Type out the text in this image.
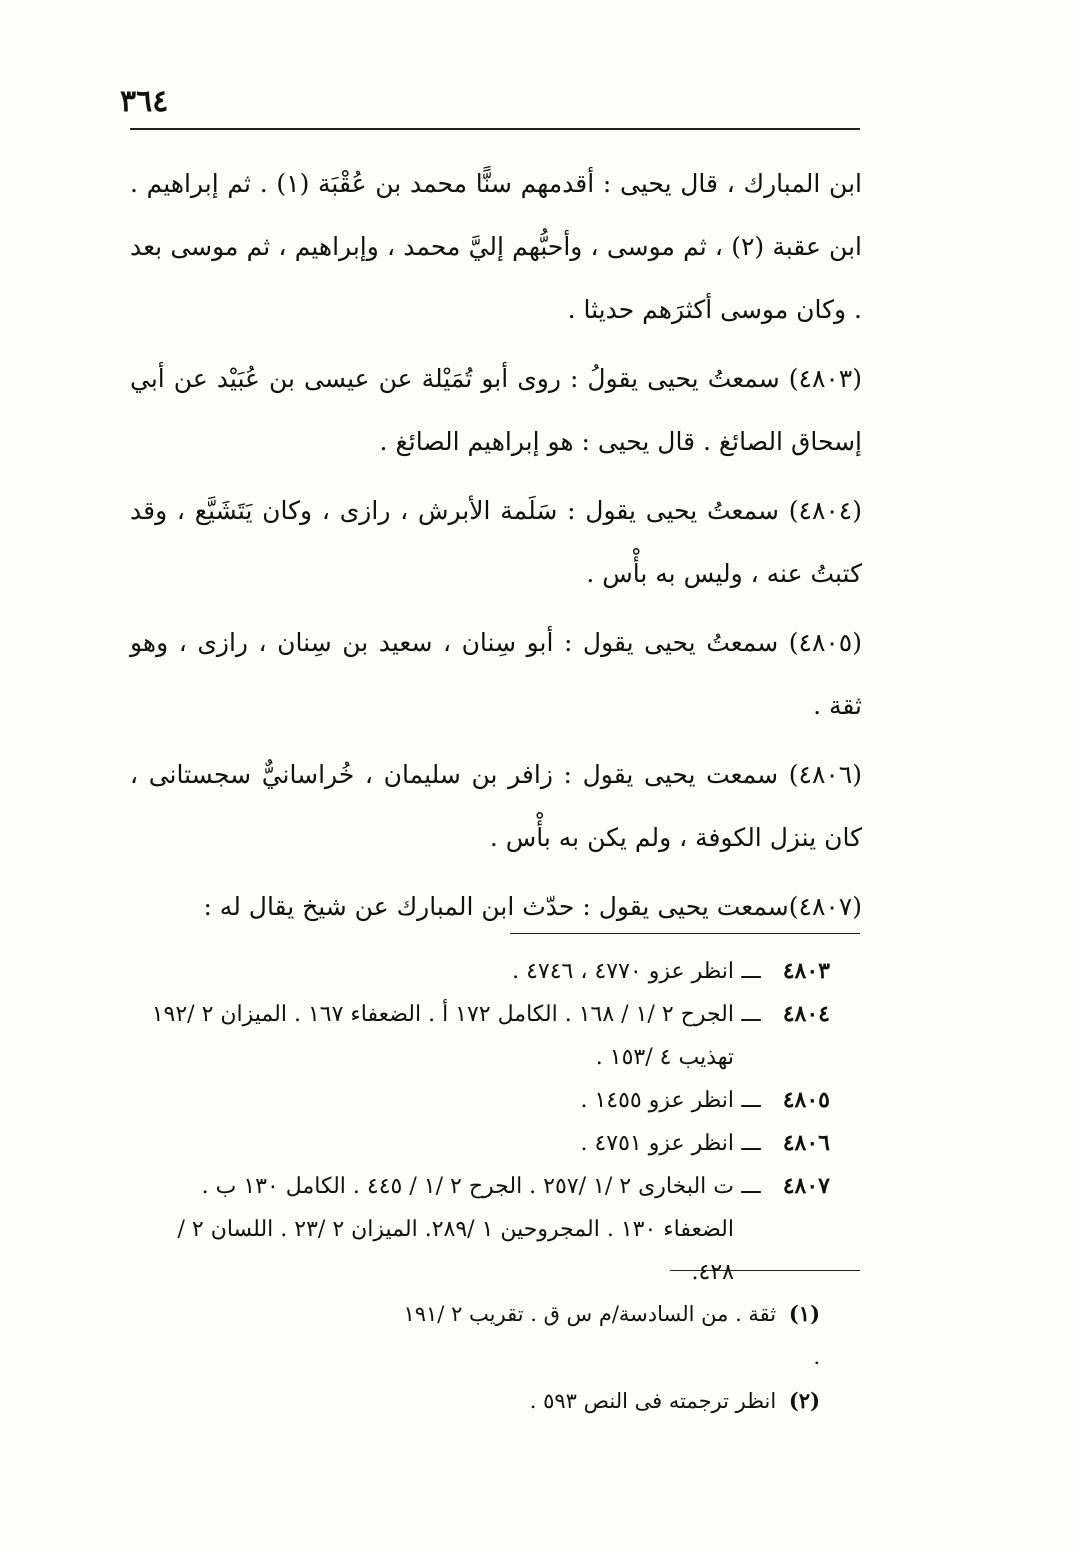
٣٦٤

ابن المبارك ، قال يحيى : أقدمهم سنًّا محمد بن عُقْبَة (١) . ثم إبراهيم . ابن عقبة (٢) ، ثم موسى ، وأحبُّهم إليَّ محمد ، وإبراهيم ، ثم موسى بعد . وكان موسى أكثرَهم حديثا .

(٤٨٠٣) سمعتُ يحيى يقولُ : روى أبو تُمَيْلة عن عيسى بن عُبَيْد عن أبي إسحاق الصائغ . قال يحيى : هو إبراهيم الصائغ .

(٤٨٠٤) سمعتُ يحيى يقول : سَلَمة الأبرش ، رازى ، وكان يَتَشَيَّع ، وقد كتبتُ عنه ، وليس به بأْس .

(٤٨٠٥) سمعتُ يحيى يقول : أبو سِنان ، سعيد بن سِنان ، رازى ، وهو ثقة .

(٤٨٠٦) سمعت يحيى يقول : زافر بن سليمان ، خُراسانيٌّ سجستانى ، كان ينزل الكوفة ، ولم يكن به بأْس .

(٤٨٠٧)سمعت يحيى يقول : حدّث ابن المبارك عن شيخ يقال له :

٤٨٠٣
ـــ
انظر عزو ٤٧٧٠ ، ٤٧٤٦ .
٤٨٠٤
ـــ
الجرح ٢ /١ / ١٦٨ . الكامل ١٧٢ أ . الضعفاء ١٦٧ . الميزان ٢ /١٩٢ تهذيب ٤ /١٥٣ .
٤٨٠٥
ـــ
انظر عزو ١٤٥٥ .
٤٨٠٦
ـــ
انظر عزو ٤٧٥١ .
٤٨٠٧
ـــ
ت البخارى ٢ /١ /٢٥٧ . الجرح ٢ /١ / ٤٤٥ . الكامل ١٣٠ ب . الضعفاء ١٣٠ . المجروحين ١ /٢٨٩. الميزان ٢ /٢٣ . اللسان ٢ /٤٢٨.
(١) ثقة . من السادسة/م س ق . تقريب ٢ /١٩١ .
(٢) انظر ترجمته فى النص ٥٩٣ .
